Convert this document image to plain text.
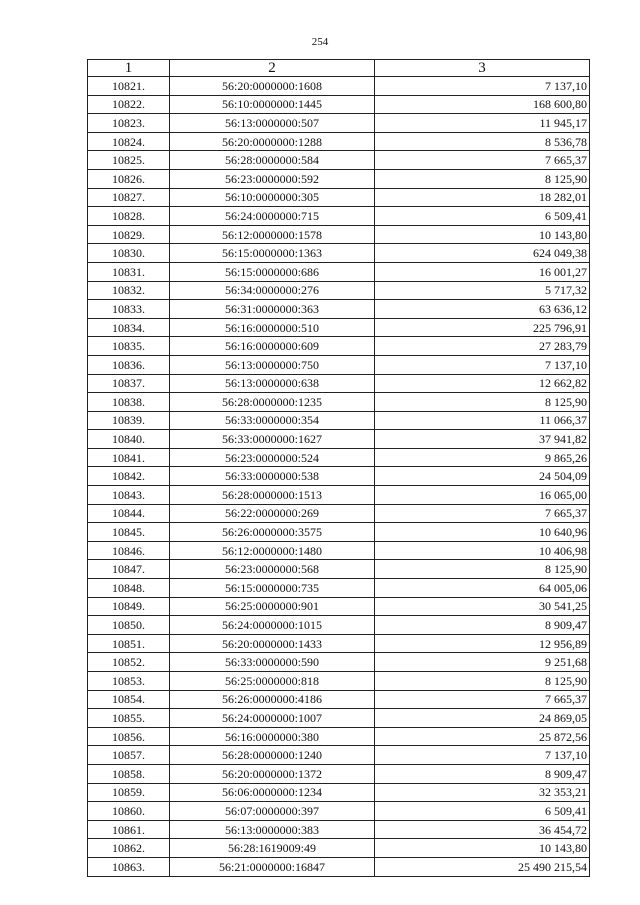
254
1	2	3
10821.	56:20:0000000:1608	7 137,10
10822.	56:10:0000000:1445	168 600,80
10823.	56:13:0000000:507	11 945,17
10824.	56:20:0000000:1288	8 536,78
10825.	56:28:0000000:584	7 665,37
10826.	56:23:0000000:592	8 125,90
10827.	56:10:0000000:305	18 282,01
10828.	56:24:0000000:715	6 509,41
10829.	56:12:0000000:1578	10 143,80
10830.	56:15:0000000:1363	624 049,38
10831.	56:15:0000000:686	16 001,27
10832.	56:34:0000000:276	5 717,32
10833.	56:31:0000000:363	63 636,12
10834.	56:16:0000000:510	225 796,91
10835.	56:16:0000000:609	27 283,79
10836.	56:13:0000000:750	7 137,10
10837.	56:13:0000000:638	12 662,82
10838.	56:28:0000000:1235	8 125,90
10839.	56:33:0000000:354	11 066,37
10840.	56:33:0000000:1627	37 941,82
10841.	56:23:0000000:524	9 865,26
10842.	56:33:0000000:538	24 504,09
10843.	56:28:0000000:1513	16 065,00
10844.	56:22:0000000:269	7 665,37
10845.	56:26:0000000:3575	10 640,96
10846.	56:12:0000000:1480	10 406,98
10847.	56:23:0000000:568	8 125,90
10848.	56:15:0000000:735	64 005,06
10849.	56:25:0000000:901	30 541,25
10850.	56:24:0000000:1015	8 909,47
10851.	56:20:0000000:1433	12 956,89
10852.	56:33:0000000:590	9 251,68
10853.	56:25:0000000:818	8 125,90
10854.	56:26:0000000:4186	7 665,37
10855.	56:24:0000000:1007	24 869,05
10856.	56:16:0000000:380	25 872,56
10857.	56:28:0000000:1240	7 137,10
10858.	56:20:0000000:1372	8 909,47
10859.	56:06:0000000:1234	32 353,21
10860.	56:07:0000000:397	6 509,41
10861.	56:13:0000000:383	36 454,72
10862.	56:28:1619009:49	10 143,80
10863.	56:21:0000000:16847	25 490 215,54
